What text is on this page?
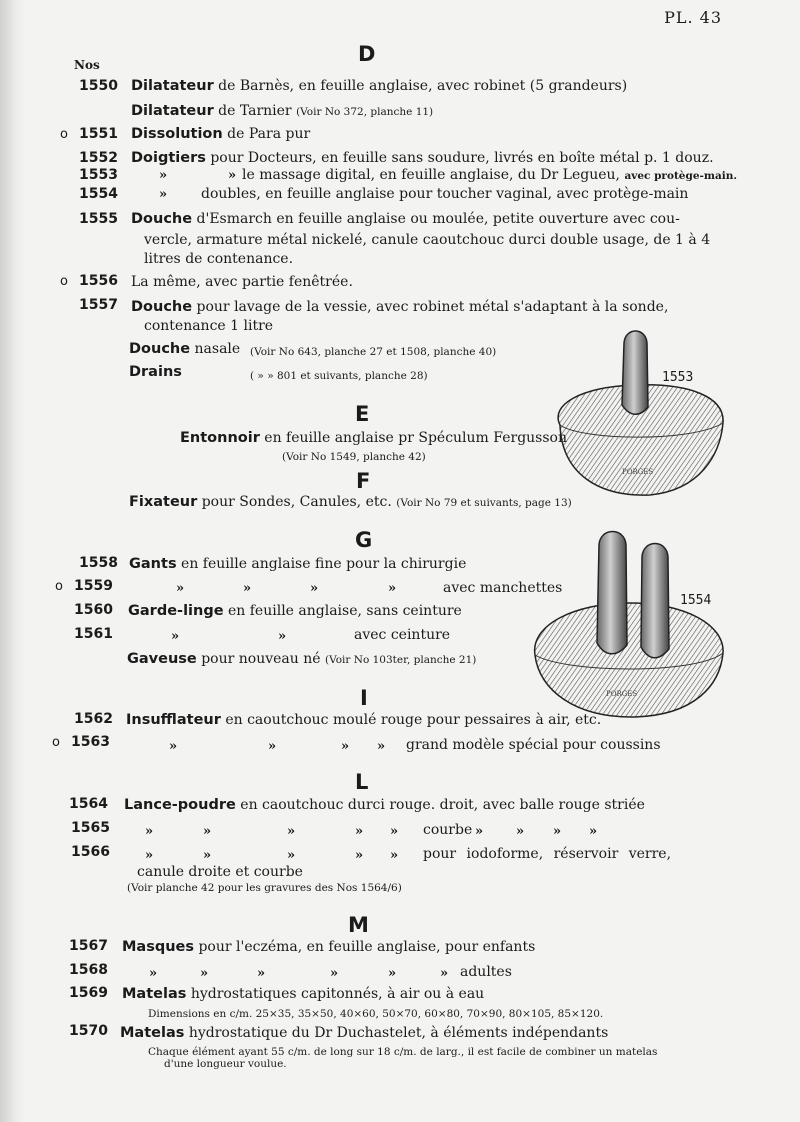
PL. 43
Nos	D
1550 Dilatateur de Barnès, en feuille anglaise, avec robinet (5 grandeurs)
Dilatateur de Tarnier (Voir No 372, planche 11)
o 1551 Dissolution de Para pur
1552 Doigtiers pour Docteurs, en feuille sans soudure, livrés en boîte métal p. 1 douz.
1553	»	» le massage digital, en feuille anglaise, du Dr Legueu, avec protège-main.
1554	» doubles, en feuille anglaise pour toucher vaginal, avec protège-main
1555 Douche d'Esmarch en feuille anglaise ou moulée, petite ouverture avec cou-
vercle, armature métal nickelé, canule caoutchouc durci double usage, de 1 à 4
litres de contenance.
o 1556 La même, avec partie fenêtrée.
1557 Douche pour lavage de la vessie, avec robinet métal s'adaptant à la sonde,
contenance 1 litre
Douche nasale (Voir No 643, planche 27 et 1508, planche 40)
Drains	( » » 801 et suivants, planche 28)	1553
PORGES
E
Entonnoir en feuille anglaise pr Spéculum Fergusson
(Voir No 1549, planche 42)
F
Fixateur pour Sondes, Canules, etc. (Voir No 79 et suivants, page 13)
G
1558 Gants en feuille anglaise fine pour la chirurgie
o 1559	»	»	»	»	avec manchettes
1560 Garde-linge en feuille anglaise, sans ceinture
1561	»	»	avec ceinture
Gaveuse pour nouveau né (Voir No 103ter, planche 21)
1554
PORGES
I
1562 Insufflateur en caoutchouc moulé rouge pour pessaires à air, etc.
o 1563	»	»	» » grand modèle spécial pour coussins
L
1564 Lance-poudre en caoutchouc durci rouge. droit, avec balle rouge striée
1565	»	»	»	» » courbe »	» » »
1566	»	»	»	» » pour iodoforme, réservoir verre,
canule droite et courbe
(Voir planche 42 pour les gravures des Nos 1564/6)
M
1567 Masques pour l'eczéma, en feuille anglaise, pour enfants
1568	»	»	»	»	»	» adultes
1569 Matelas hydrostatiques capitonnés, à air ou à eau
Dimensions en c/m. 25×35, 35×50, 40×60, 50×70, 60×80, 70×90, 80×105, 85×120.
1570 Matelas hydrostatique du Dr Duchastelet, à éléments indépendants
Chaque élément ayant 55 c/m. de long sur 18 c/m. de larg., il est facile de combiner un matelas
d'une longueur voulue.
